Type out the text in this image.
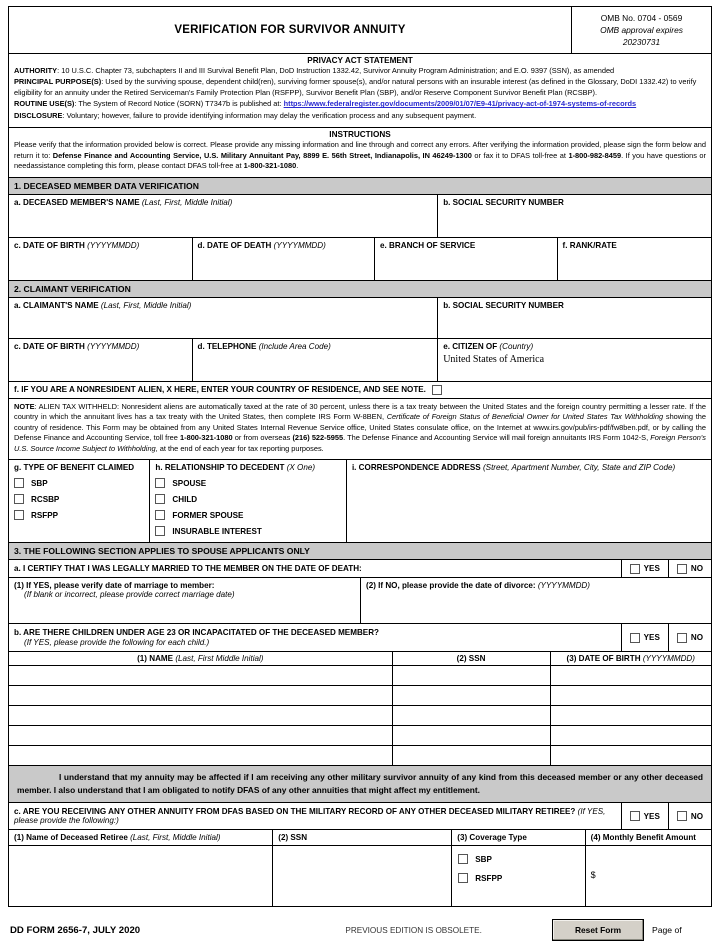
VERIFICATION FOR SURVIVOR ANNUITY
OMB No. 0704 - 0569
OMB approval expires
20230731
PRIVACY ACT STATEMENT

AUTHORITY: 10 U.S.C. Chapter 73, subchapters II and III Survival Benefit Plan, DoD Instruction 1332.42, Survivor Annuity Program Administration; and E.O. 9397 (SSN), as amended

PRINCIPAL PURPOSE(S): Used by the surviving spouse, dependent child(ren), surviving former spouse(s), and/or natural persons with an insurable interest (as defined in the Glossary, DoDI 1332.42) to verify eligibility for an annuity under the Retired Serviceman's Family Protection Plan (RSFPP), Survivor Benefit Plan (SBP), and/or Reserve Component Survivor Benefit Plan (RCSBP).

ROUTINE USE(S): The System of Record Notice (SORN) T7347b is published at: https://www.federalregister.gov/documents/2009/01/07/E9-41/privacy-act-of-1974-systems-of-records

DISCLOSURE: Voluntary; however, failure to provide identifying information may delay the verification process and any subsequent payment.

INSTRUCTIONS
Please verify that the information provided below is correct. Please provide any missing information and line through and correct any errors. After verifying the information provided, please sign the form below and return it to: Defense Finance and Accounting Service, U.S. Military Annuitant Pay, 8899 E. 56th Street, Indianapolis, IN 46249-1300 or fax it to DFAS toll-free at 1-800-982-8459. If you have questions or needassistance completing this form, please contact DFAS toll-free at 1-800-321-1080.
1. DECEASED MEMBER DATA VERIFICATION
a. DECEASED MEMBER'S NAME (Last, First, Middle Initial)	b. SOCIAL SECURITY NUMBER
c. DATE OF BIRTH (YYYYMMDD)	d. DATE OF DEATH (YYYYMMDD)	e. BRANCH OF SERVICE	f. RANK/RATE
2. CLAIMANT VERIFICATION
a. CLAIMANT'S NAME (Last, First, Middle Initial)	b. SOCIAL SECURITY NUMBER
c. DATE OF BIRTH (YYYYMMDD)	d. TELEPHONE (Include Area Code)	e. CITIZEN OF (Country)
United States of America
f. IF YOU ARE A NONRESIDENT ALIEN, X HERE, ENTER YOUR COUNTRY OF RESIDENCE, AND SEE NOTE.
NOTE: ALIEN TAX WITHHELD: Nonresident aliens are automatically taxed at the rate of 30 percent, unless there is a tax treaty between the United States and the foreign country permitting a lesser rate. If the country in which the annuitant lives has a tax treaty with the United States, then complete IRS Form W-8BEN, Certificate of Foreign Status of Beneficial Owner for United States Tax Withholding showing the country of residence. This Form may be obtained from any United States Internal Revenue Service office, United States consulate office, on the Internet at www.irs.gov/pub/irs-pdf/fw8ben.pdf, or by calling the Defense Finance and Accounting Service, toll free 1-800-321-1080 or from overseas (216) 522-5955. The Defense Finance and Accounting Service will mail foreign annuitants IRS Form 1042-S, Foreign Person's U.S. Source Income Subject to Withholding, at the end of each year for tax reporting purposes.
g. TYPE OF BENEFIT CLAIMED
SBP
RCSBP
RSFPP
h. RELATIONSHIP TO DECEDENT (X One)
SPOUSE
CHILD
FORMER SPOUSE
INSURABLE INTEREST
i. CORRESPONDENCE ADDRESS (Street, Apartment Number, City, State and ZIP Code)
3. THE FOLLOWING SECTION APPLIES TO SPOUSE APPLICANTS ONLY
a. I CERTIFY THAT I WAS LEGALLY MARRIED TO THE MEMBER ON THE DATE OF DEATH:	YES	NO
(1) If YES, please verify date of marriage to member:
(If blank or incorrect, please provide correct marriage date)
(2) If NO, please provide the date of divorce: (YYYYMMDD)
b. ARE THERE CHILDREN UNDER AGE 23 OR INCAPACITATED OF THE DECEASED MEMBER?
(If YES, please provide the following for each child.)
YES	NO
(1) NAME (Last, First Middle Initial)	(2) SSN	(3) DATE OF BIRTH (YYYYMMDD)
I understand that my annuity may be affected if I am receiving any other military survivor annuity of any kind from this deceased member or any other deceased member. I also understand that I am obligated to notify DFAS of any other annuities that might affect my entitlement.
c. ARE YOU RECEIVING ANY OTHER ANNUITY FROM DFAS BASED ON THE MILITARY RECORD OF ANY OTHER DECEASED MILITARY RETIREE? (If YES, please provide the following:)	YES	NO
(1) Name of Deceased Retiree (Last, First, Middle Initial)	(2) SSN	(3) Coverage Type	(4) Monthly Benefit Amount
SBP
RSFPP	$
DD FORM 2656-7, JULY 2020	PREVIOUS EDITION IS OBSOLETE.	Reset Form	Page of
